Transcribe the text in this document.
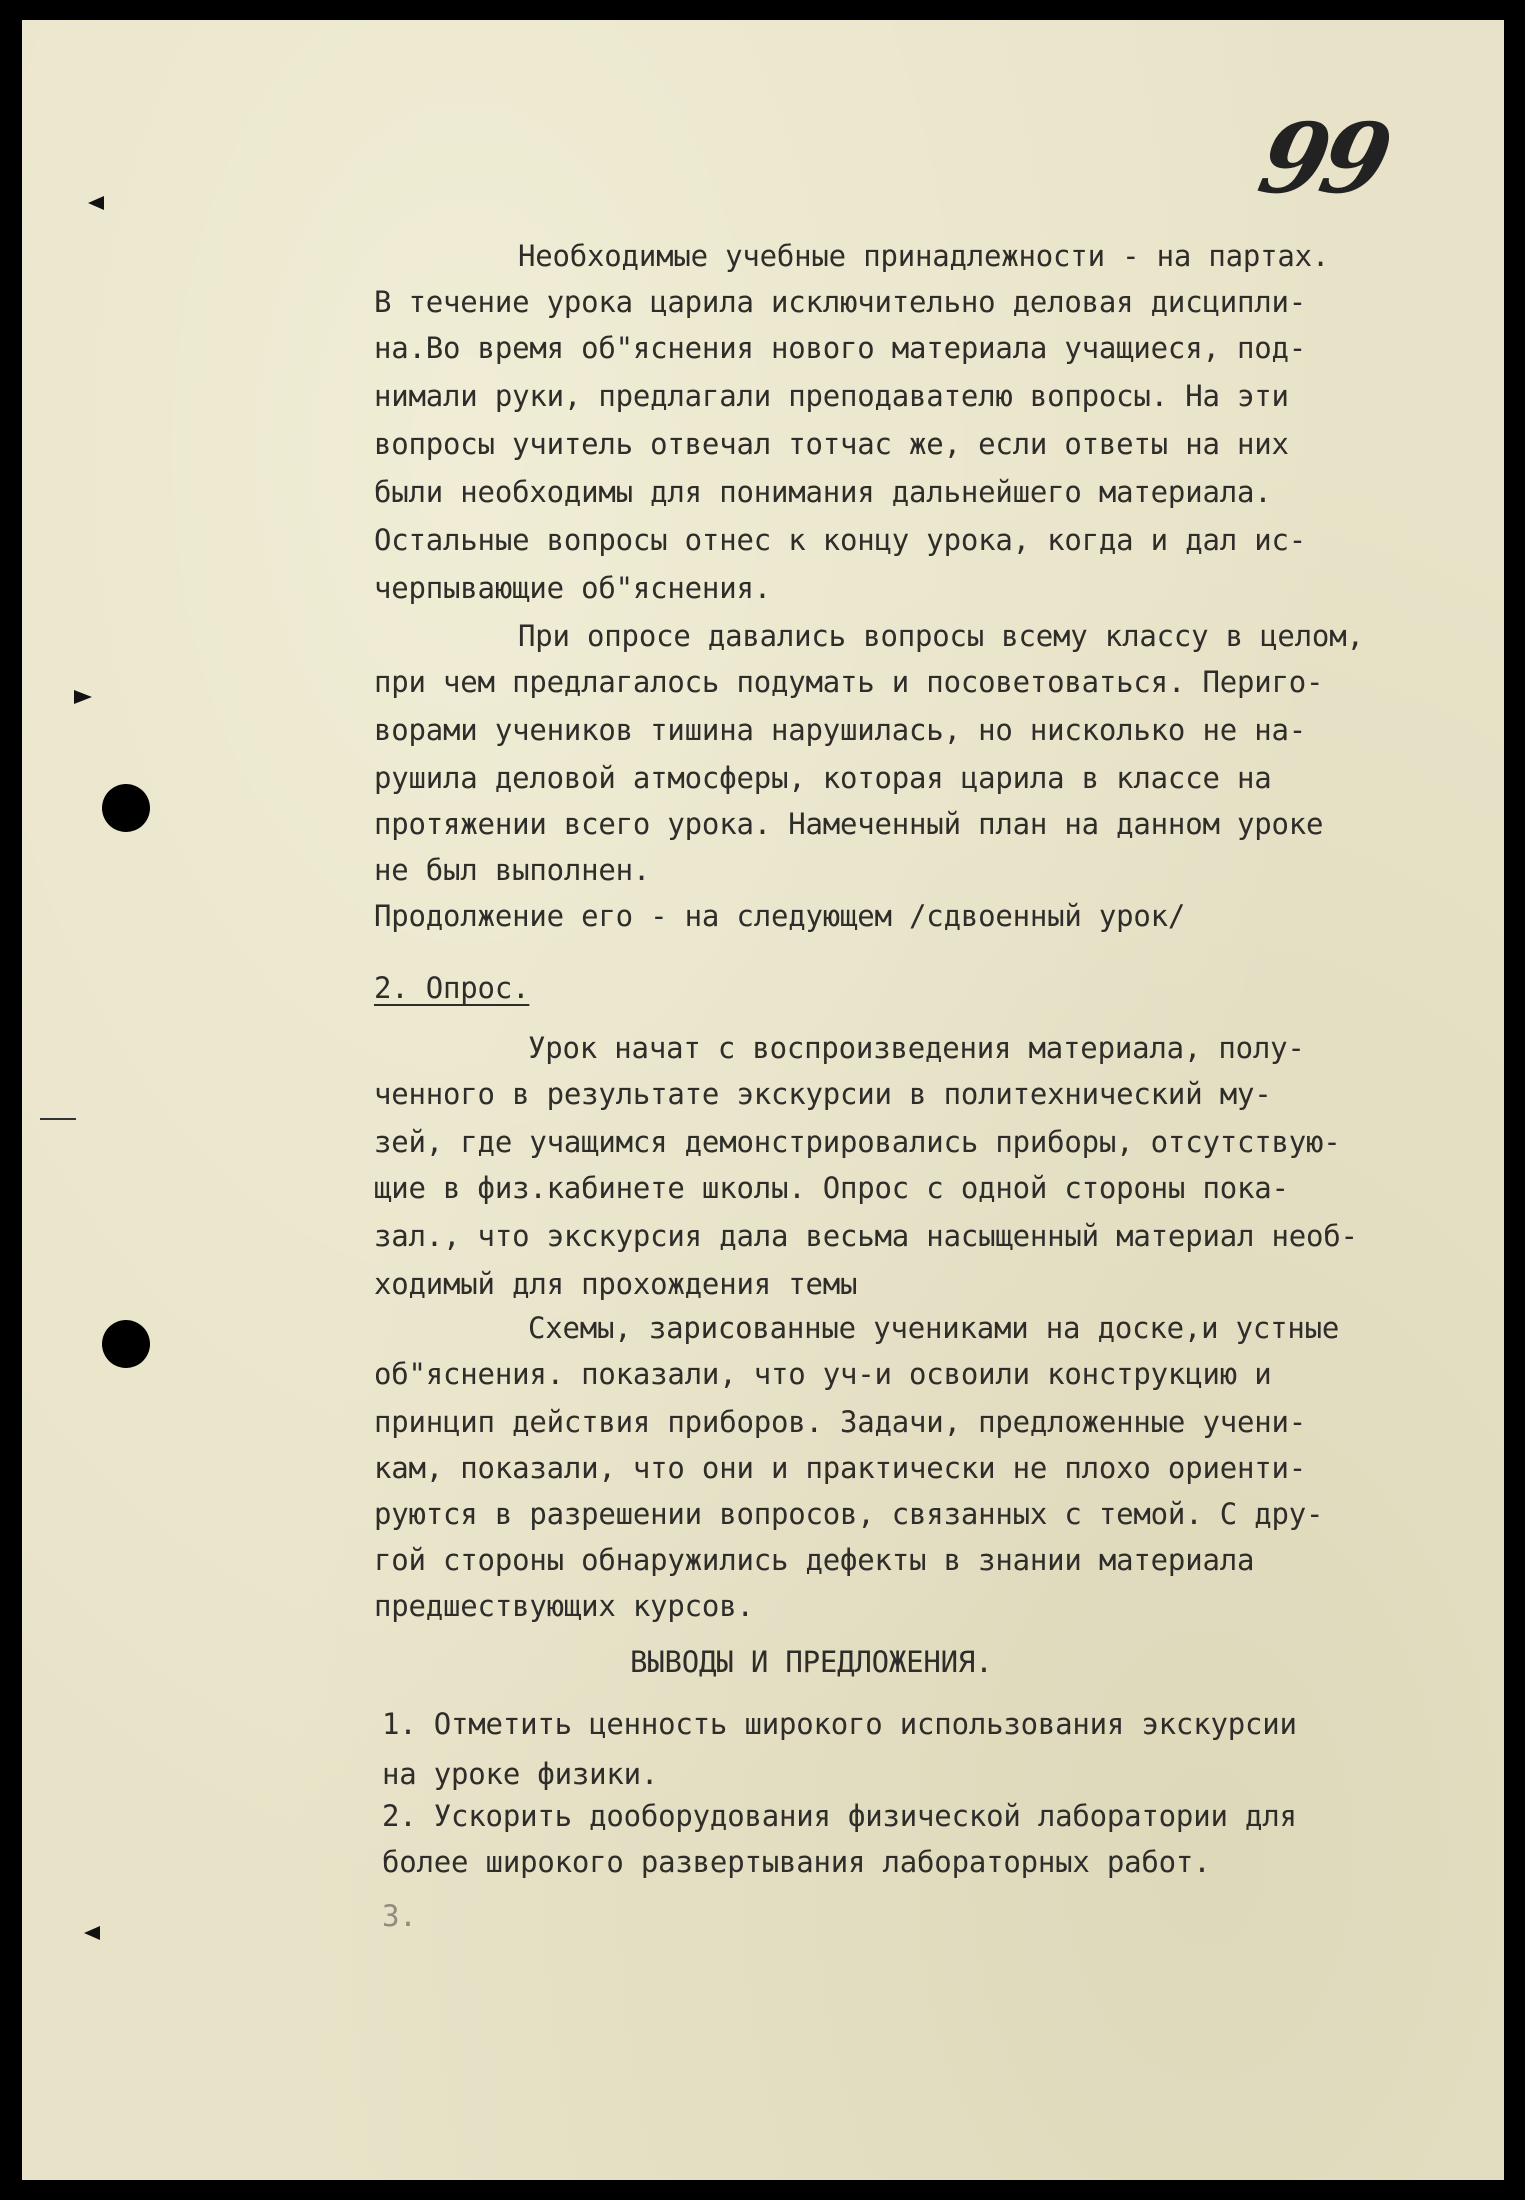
99
Необходимые учебные принадлежности - на партах.
В течение урока царила исключительно деловая дисципли-
на.Во время об"яснения нового материала учащиеся, под-
нимали руки, предлагали преподавателю вопросы. На эти
вопросы учитель отвечал тотчас же, если ответы на них
были необходимы для понимания дальнейшего материала.
Остальные вопросы отнес к концу урока, когда и дал ис-
черпывающие об"яснения.
При опросе давались вопросы всему классу в целом,
при чем предлагалось подумать и посоветоваться. Периго-
ворами учеников тишина нарушилась, но нисколько не на-
рушила деловой атмосферы, которая царила в классе на
протяжении всего урока. Намеченный план на данном уроке
не был выполнен.
Продолжение его - на следующем /сдвоенный урок/
2. Опрос.
Урок начат с воспроизведения материала, полу-
ченного в результате экскурсии в политехнический му-
зей, где учащимся демонстрировались приборы, отсутствую-
щие в физ.кабинете школы. Опрос с одной стороны пока-
зал., что экскурсия дала весьма насыщенный материал необ-
ходимый для прохождения темы
Схемы, зарисованные учениками на доске,и устные
об"яснения. показали, что уч-и освоили конструкцию и
принцип действия приборов. Задачи, предложенные учени-
кам, показали, что они и практически не плохо ориенти-
руются в разрешении вопросов, связанных с темой. С дру-
гой стороны обнаружились дефекты в знании материала
предшествующих курсов.
ВЫВОДЫ И ПРЕДЛОЖЕНИЯ.
1. Отметить ценность широкого использования экскурсии
на уроке физики.
2. Ускорить дооборудования физической лаборатории для
более широкого развертывания лабораторных работ.
3.
